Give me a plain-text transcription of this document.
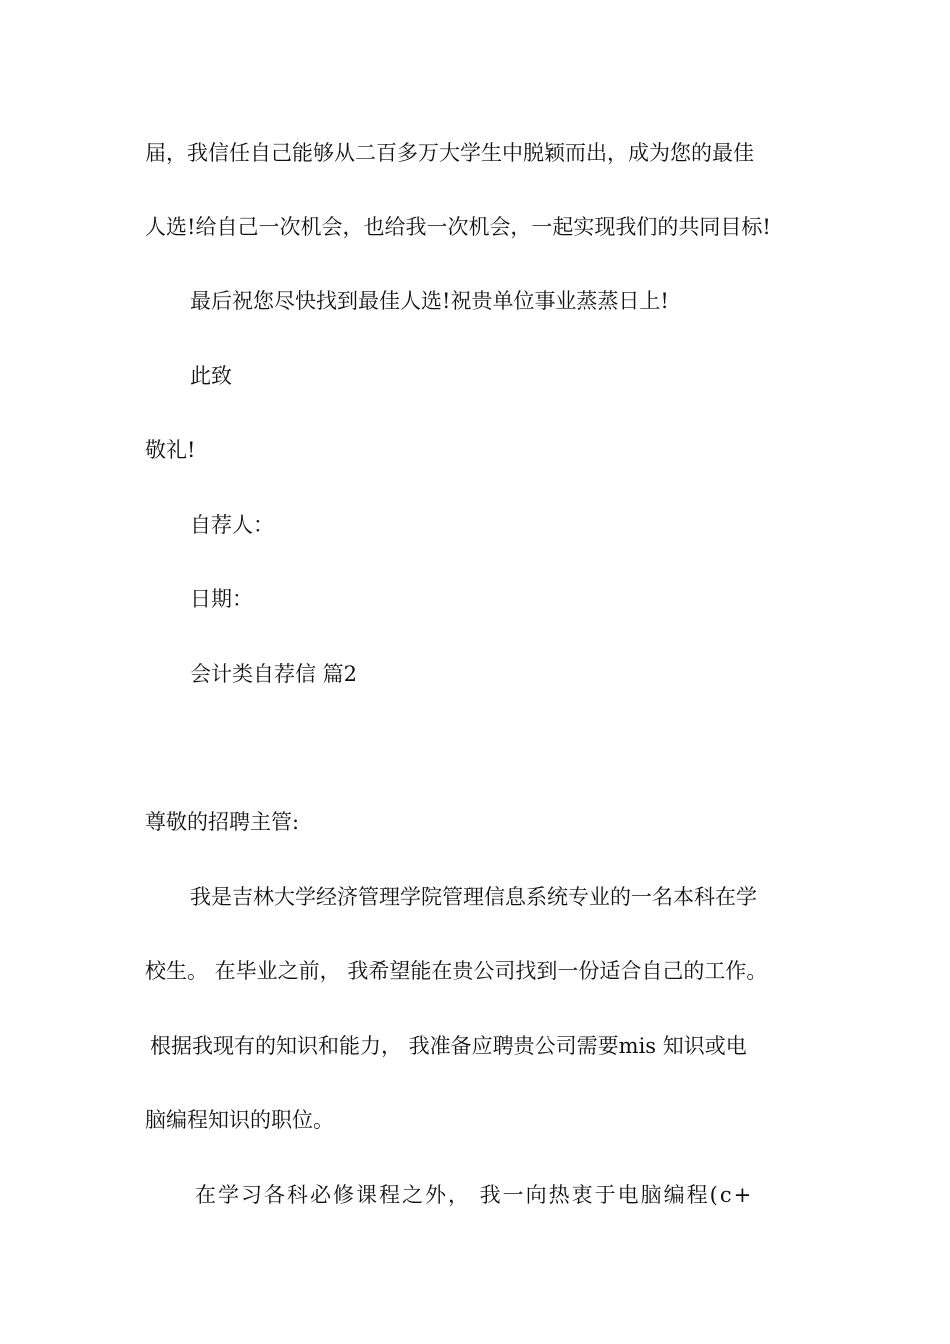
届，我信任自己能够从二百多万大学生中脱颖而出，成为您的最佳
人选!给自己一次机会，也给我一次机会，一起实现我们的共同目标!
最后祝您尽快找到最佳人选!祝贵单位事业蒸蒸日上!
此致
敬礼!
自荐人：
日期：
会计类自荐信 篇2
尊敬的招聘主管:
我是吉林大学经济管理学院管理信息系统专业的一名本科在学
校生。 在毕业之前， 我希望能在贵公司找到一份适合自己的工作。
根据我现有的知识和能力， 我准备应聘贵公司需要mis 知识或电
脑编程知识的职位。
在学习各科必修课程之外， 我一向热衷于电脑编程(c+
